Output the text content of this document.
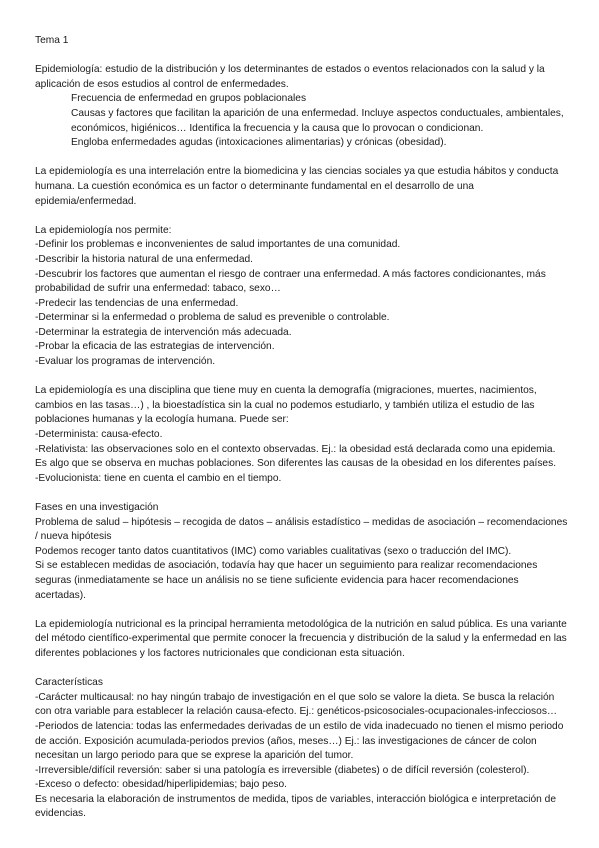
Tema 1

Epidemiología: estudio de la distribución y los determinantes de estados o eventos relacionados con la salud y la aplicación de esos estudios al control de enfermedades.

Frecuencia de enfermedad en grupos poblacionales

Causas y factores que facilitan la aparición de una enfermedad. Incluye aspectos conductuales, ambientales, económicos, higiénicos… Identifica la frecuencia y la causa que lo provocan o condicionan.

Engloba enfermedades agudas (intoxicaciones alimentarias) y crónicas (obesidad).

La epidemiología es una interrelación entre la biomedicina y las ciencias sociales ya que estudia hábitos y conducta humana. La cuestión económica es un factor o determinante fundamental en el desarrollo de una epidemia/enfermedad.

La epidemiología nos permite:

-Definir los problemas e inconvenientes de salud importantes de una comunidad.

-Describir la historia natural de una enfermedad.

-Descubrir los factores que aumentan el riesgo de contraer una enfermedad. A más factores condicionantes, más probabilidad de sufrir una enfermedad: tabaco, sexo…

-Predecir las tendencias de una enfermedad.

-Determinar si la enfermedad o problema de salud es prevenible o controlable.

-Determinar la estrategia de intervención más adecuada.

-Probar la eficacia de las estrategias de intervención.

-Evaluar los programas de intervención.

La epidemiología es una disciplina que tiene muy en cuenta la demografía (migraciones, muertes, nacimientos, cambios en las tasas…) , la bioestadística sin la cual no podemos estudiarlo, y también utiliza el estudio de las poblaciones humanas y la ecología humana. Puede ser:

-Determinista: causa-efecto.

-Relativista: las observaciones solo en el contexto observadas. Ej.: la obesidad está declarada como una epidemia. Es algo que se observa en muchas poblaciones. Son diferentes las causas de la obesidad en los diferentes países.

-Evolucionista: tiene en cuenta el cambio en el tiempo.

Fases en una investigación

Problema de salud – hipótesis – recogida de datos – análisis estadístico – medidas de asociación – recomendaciones / nueva hipótesis

Podemos recoger tanto datos cuantitativos (IMC) como variables cualitativas (sexo o traducción del IMC).

Si se establecen medidas de asociación, todavía hay que hacer un seguimiento para realizar recomendaciones seguras (inmediatamente se hace un análisis no se tiene suficiente evidencia para hacer recomendaciones acertadas).

La epidemiología nutricional es la principal herramienta metodológica de la nutrición en salud pública. Es una variante del método científico-experimental que permite conocer la frecuencia y distribución de la salud y la enfermedad en las diferentes poblaciones y los factores nutricionales que condicionan esta situación.

Características

-Carácter multicausal: no hay ningún trabajo de investigación en el que solo se valore la dieta. Se busca la relación con otra variable para establecer la relación causa-efecto. Ej.: genéticos-psicosociales-ocupacionales-infecciosos…

-Periodos de latencia: todas las enfermedades derivadas de un estilo de vida inadecuado no tienen el mismo periodo de acción. Exposición acumulada-periodos previos (años, meses…) Ej.: las investigaciones de cáncer de colon necesitan un largo periodo para que se exprese la aparición del tumor.

-Irreversible/difícil reversión: saber si una patología es irreversible (diabetes) o de difícil reversión (colesterol).

-Exceso o defecto: obesidad/hiperlipidemias; bajo peso.

Es necesaria la elaboración de instrumentos de medida, tipos de variables, interacción biológica e interpretación de evidencias.
